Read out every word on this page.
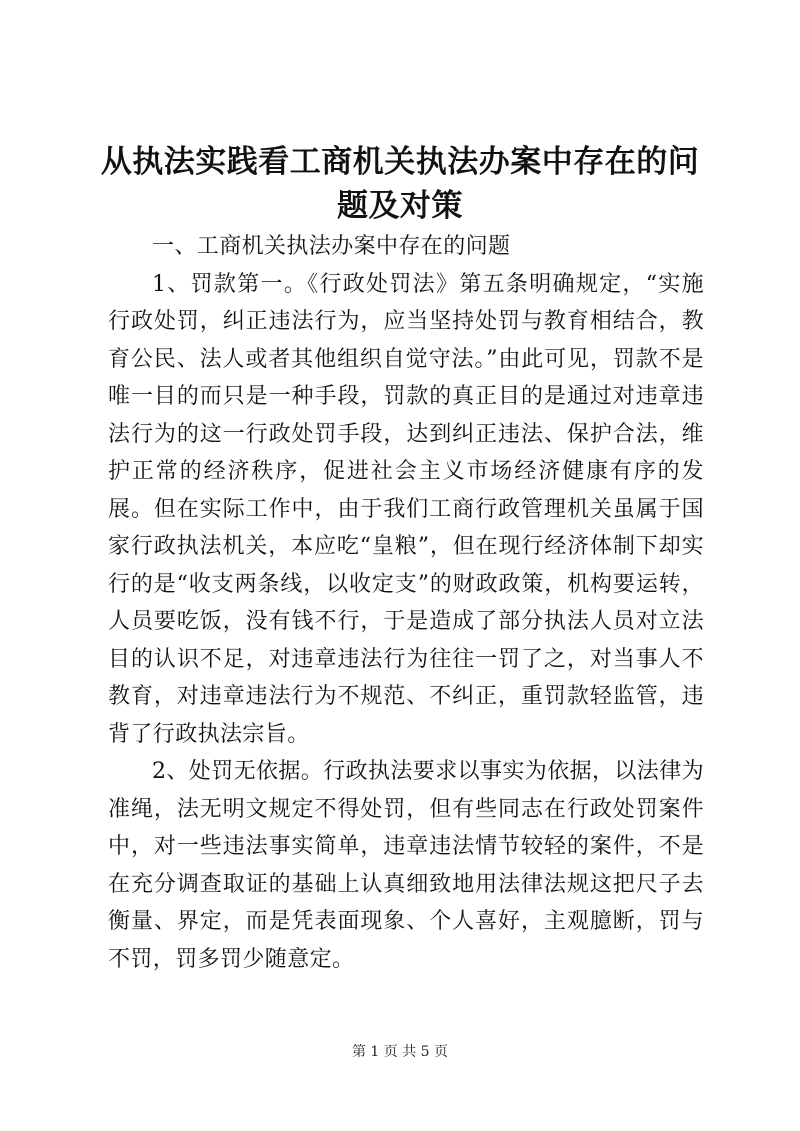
从执法实践看工商机关执法办案中存在的问题及对策

一、工商机关执法办案中存在的问题

1、罚款第一。《行政处罚法》第五条明确规定，“实施行政处罚，纠正违法行为，应当坚持处罚与教育相结合，教育公民、法人或者其他组织自觉守法。”由此可见，罚款不是唯一目的而只是一种手段，罚款的真正目的是通过对违章违法行为的这一行政处罚手段，达到纠正违法、保护合法，维护正常的经济秩序，促进社会主义市场经济健康有序的发展。但在实际工作中，由于我们工商行政管理机关虽属于国家行政执法机关，本应吃“皇粮”，但在现行经济体制下却实行的是“收支两条线，以收定支”的财政政策，机构要运转，人员要吃饭，没有钱不行，于是造成了部分执法人员对立法目的认识不足，对违章违法行为往往一罚了之，对当事人不教育，对违章违法行为不规范、不纠正，重罚款轻监管，违背了行政执法宗旨。

2、处罚无依据。行政执法要求以事实为依据，以法律为准绳，法无明文规定不得处罚，但有些同志在行政处罚案件中，对一些违法事实简单，违章违法情节较轻的案件，不是在充分调查取证的基础上认真细致地用法律法规这把尺子去衡量、界定，而是凭表面现象、个人喜好，主观臆断，罚与不罚，罚多罚少随意定。

第 1 页 共 5 页
